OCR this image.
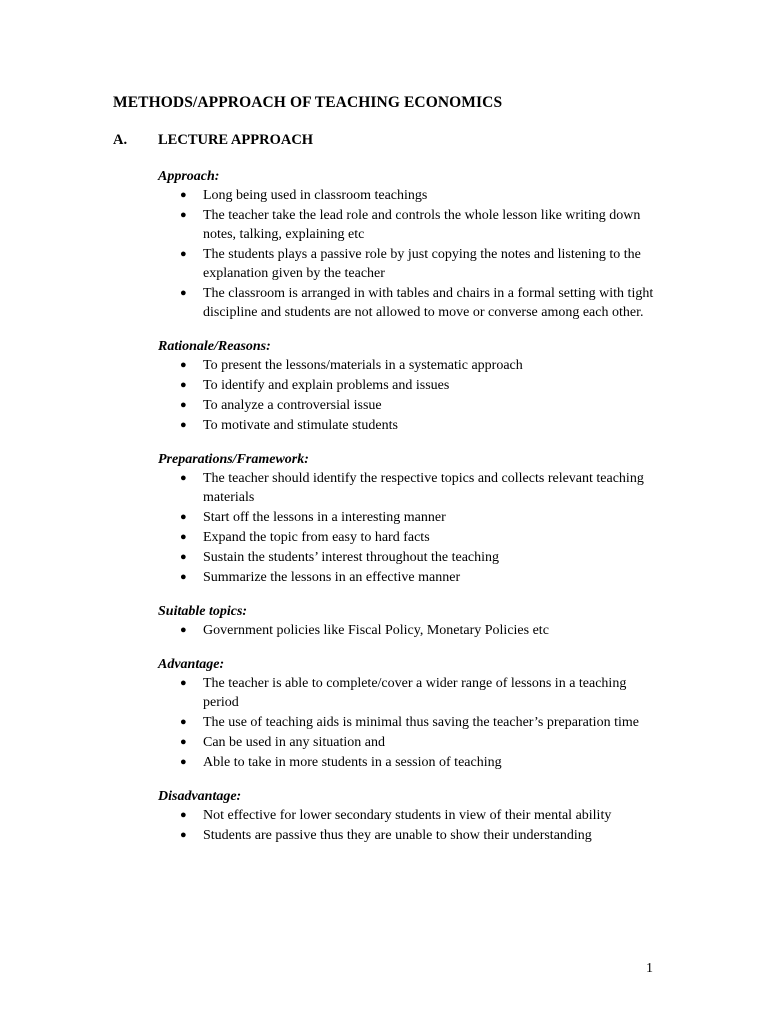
METHODS/APPROACH OF TEACHING ECONOMICS
A. LECTURE APPROACH
Approach:
● Long being used in classroom teachings
● The teacher take the lead role and controls the whole lesson like writing down notes, talking, explaining etc
● The students plays a passive role by just copying the notes and listening to the explanation given by the teacher
● The classroom is arranged in with tables and chairs in a formal setting with tight discipline and students are not allowed to move or converse among each other.
Rationale/Reasons:
● To present the lessons/materials in a systematic approach
● To identify and explain problems and issues
● To analyze a controversial issue
● To motivate and stimulate students
Preparations/Framework:
● The teacher should identify the respective topics and collects relevant teaching materials
● Start off the lessons in a interesting manner
● Expand the topic from easy to hard facts
● Sustain the students’ interest throughout the teaching
● Summarize the lessons in an effective manner
Suitable topics:
● Government policies like Fiscal Policy, Monetary Policies etc
Advantage:
● The teacher is able to complete/cover a wider range of lessons in a teaching period
● The use of teaching aids is minimal thus saving the teacher’s preparation time
● Can be used in any situation and
● Able to take in more students in a session of teaching
Disadvantage:
● Not effective for lower secondary students in view of their mental ability
● Students are passive thus they are unable to show their understanding
1
